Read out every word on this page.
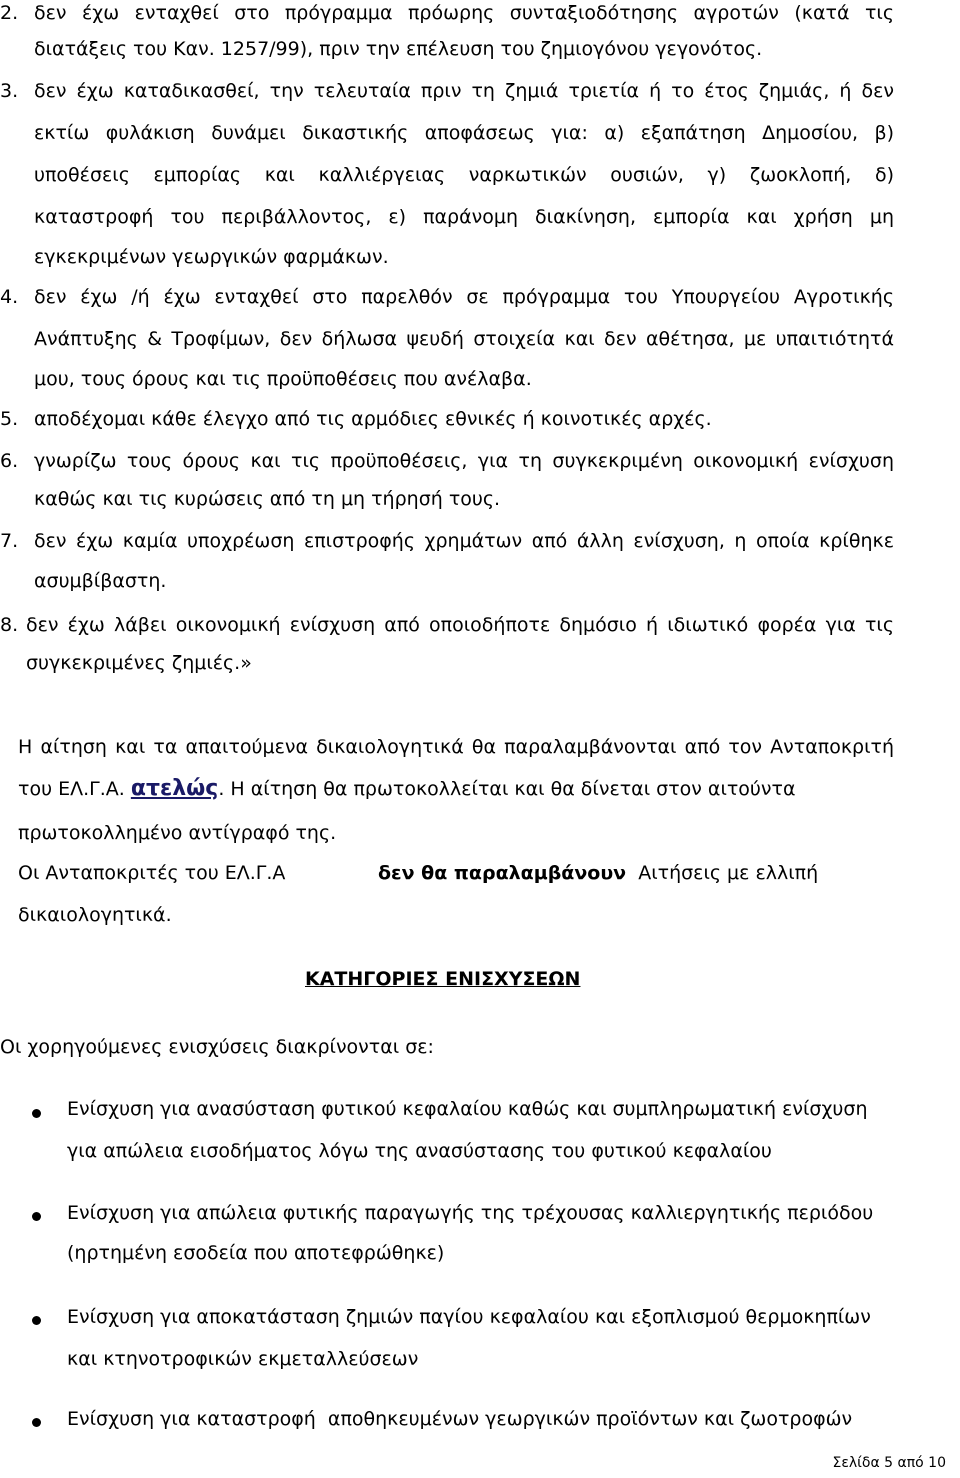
2. δεν έχω ενταχθεί στο πρόγραμμα πρόωρης συνταξιοδότησης αγροτών (κατά τις
διατάξεις του Καν. 1257/99), πριν την επέλευση του ζημιογόνου γεγονότος.
3. δεν έχω καταδικασθεί, την τελευταία πριν τη ζημιά τριετία ή το έτος ζημιάς, ή δεν
εκτίω φυλάκιση δυνάμει δικαστικής αποφάσεως για: α) εξαπάτηση Δημοσίου, β)
υποθέσεις εμπορίας και καλλιέργειας ναρκωτικών ουσιών, γ) ζωοκλοπή, δ)
καταστροφή του περιβάλλοντος, ε) παράνομη διακίνηση, εμπορία και χρήση μη
εγκεκριμένων γεωργικών φαρμάκων.
4. δεν έχω /ή έχω ενταχθεί στο παρελθόν σε πρόγραμμα του Υπουργείου Αγροτικής
Ανάπτυξης & Τροφίμων, δεν δήλωσα ψευδή στοιχεία και δεν αθέτησα, με υπαιτιότητά
μου, τους όρους και τις προϋποθέσεις που ανέλαβα.
5. αποδέχομαι κάθε έλεγχο από τις αρμόδιες εθνικές ή κοινοτικές αρχές.
6. γνωρίζω τους όρους και τις προϋποθέσεις, για τη συγκεκριμένη οικονομική ενίσχυση
καθώς και τις κυρώσεις από τη μη τήρησή τους.
7. δεν έχω καμία υποχρέωση επιστροφής χρημάτων από άλλη ενίσχυση, η οποία κρίθηκε
ασυμβίβαστη.
8. δεν έχω λάβει οικονομική ενίσχυση από οποιοδήποτε δημόσιο ή ιδιωτικό φορέα για τις
συγκεκριμένες ζημιές.»
Η αίτηση και τα απαιτούμενα δικαιολογητικά θα παραλαμβάνονται από τον Ανταποκριτή
του ΕΛ.Γ.Α. ατελώς. Η αίτηση θα πρωτοκολλείται και θα δίνεται στον αιτούντα
πρωτοκολλημένο αντίγραφό της.
Οι Ανταποκριτές του ΕΛ.Γ.Α	δεν θα παραλαμβάνουν Αιτήσεις με ελλιπή
δικαιολογητικά.
ΚΑΤΗΓΟΡΙΕΣ ΕΝΙΣΧΥΣΕΩΝ
Οι χορηγούμενες ενισχύσεις διακρίνονται σε:
Ενίσχυση για ανασύσταση φυτικού κεφαλαίου καθώς και συμπληρωματική ενίσχυση
για απώλεια εισοδήματος λόγω της ανασύστασης του φυτικού κεφαλαίου
Ενίσχυση για απώλεια φυτικής παραγωγής της τρέχουσας καλλιεργητικής περιόδου
(ηρτημένη εσοδεία που αποτεφρώθηκε)
Ενίσχυση για αποκατάσταση ζημιών παγίου κεφαλαίου και εξοπλισμού θερμοκηπίων
και κτηνοτροφικών εκμεταλλεύσεων
Ενίσχυση για καταστροφή  αποθηκευμένων γεωργικών προϊόντων και ζωοτροφών
Σελίδα 5 από 10
